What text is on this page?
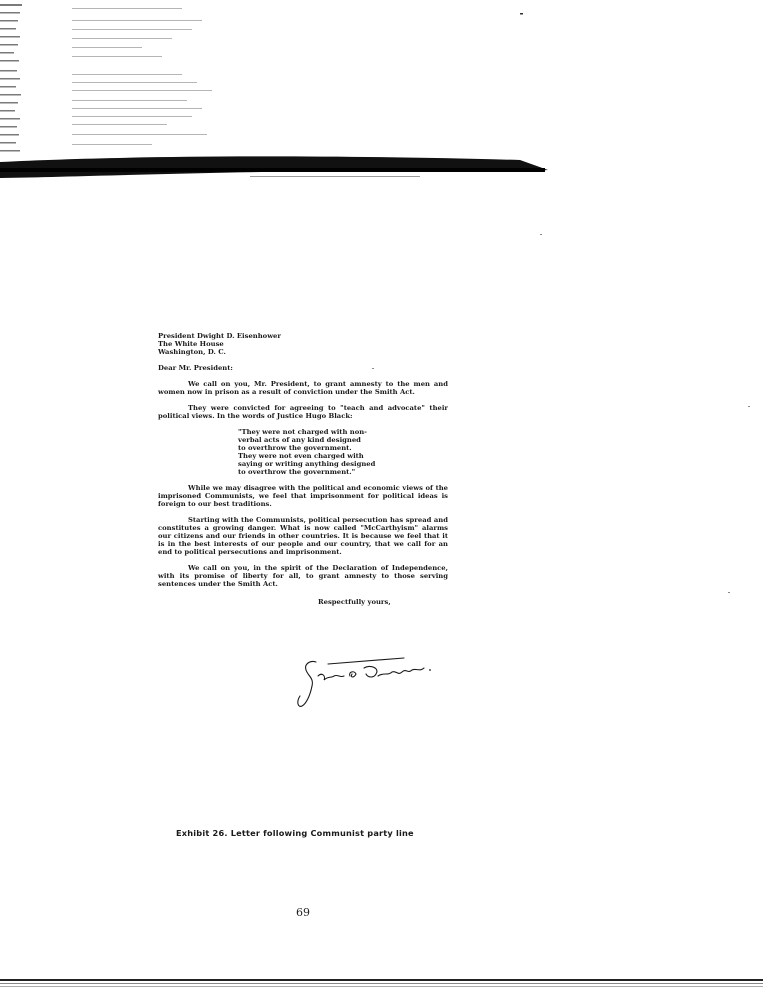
President Dwight D. Eisenhower
The White House
Washington, D. C.
Dear Mr. President:
We call on you, Mr. President, to grant amnesty to the men and women now in prison as a result of conviction under the Smith Act.
They were convicted for agreeing to "teach and advocate" their political views. In the words of Justice Hugo Black:
"They were not charged with non-
verbal acts of any kind designed
to overthrow the government.
They were not even charged with
saying or writing anything designed
to overthrow the government."
While we may disagree with the political and economic views of the imprisoned Communists, we feel that imprisonment for political ideas is foreign to our best traditions.
Starting with the Communists, political persecution has spread and constitutes a growing danger. What is now called "McCarthyism" alarms our citizens and our friends in other countries. It is because we feel that it is in the best interests of our people and our country, that we call for an end to political persecutions and imprisonment.
We call on you, in the spirit of the Declaration of Independence, with its promise of liberty for all, to grant amnesty to those serving sentences under the Smith Act.
Respectfully yours,
Exhibit 26. Letter following Communist party line
69
